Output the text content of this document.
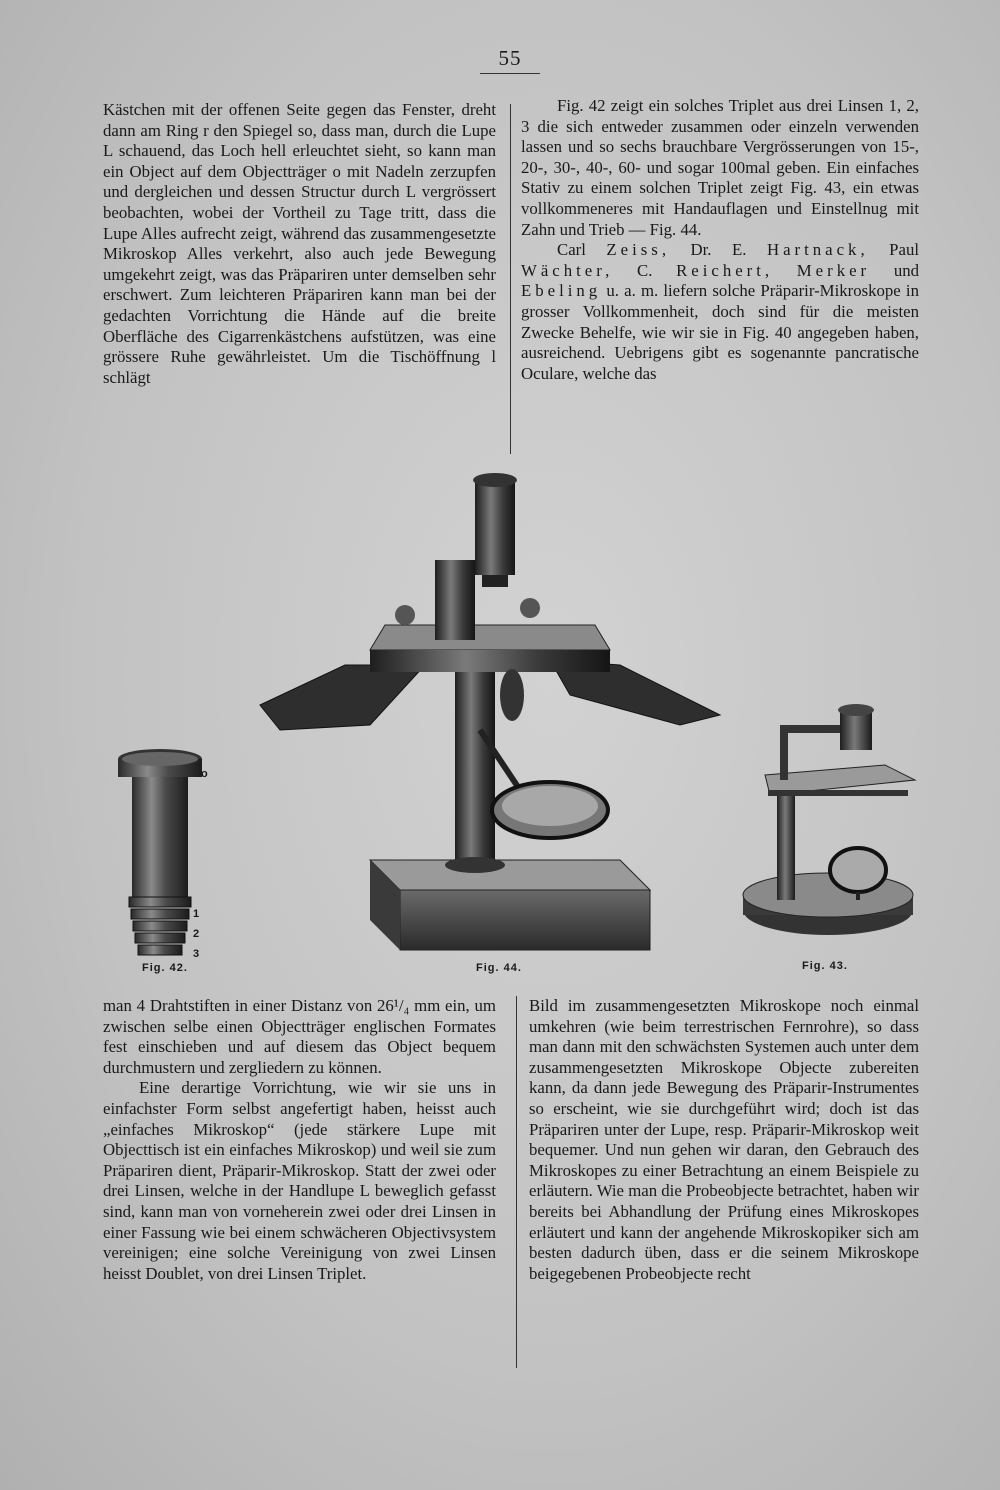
55

Kästchen mit der offenen Seite gegen das Fenster, dreht dann am Ring r den Spiegel so, dass man, durch die Lupe L schauend, das Loch hell erleuchtet sieht, so kann man ein Object auf dem Objectträger o mit Nadeln zerzupfen und dergleichen und dessen Structur durch L vergrössert beobachten, wobei der Vortheil zu Tage tritt, dass die Lupe Alles aufrecht zeigt, während das zusammengesetzte Mikroskop Alles verkehrt, also auch jede Bewegung umgekehrt zeigt, was das Präpariren unter demselben sehr erschwert. Zum leichteren Präpariren kann man bei der gedachten Vorrichtung die Hände auf die breite Oberfläche des Cigarrenkästchens aufstützen, was eine grössere Ruhe gewährleistet. Um die Tischöffnung l schlägt

Fig. 42 zeigt ein solches Triplet aus drei Linsen 1, 2, 3 die sich entweder zusammen oder einzeln verwenden lassen und so sechs brauchbare Vergrösserungen von 15-, 20-, 30-, 40-, 60- und sogar 100mal geben. Ein einfaches Stativ zu einem solchen Triplet zeigt Fig. 43, ein etwas vollkommeneres mit Handauflagen und Einstellnug mit Zahn und Trieb — Fig. 44.

Carl Zeiss, Dr. E. Hartnack, Paul Wächter, C. Reichert, Merker und Ebeling u. a. m. liefern solche Präparir-Mikroskope in grosser Vollkommenheit, doch sind für die meisten Zwecke Behelfe, wie wir sie in Fig. 40 angegeben haben, ausreichend. Uebrigens gibt es sogenannte pancratische Oculare, welche das

o
1
2
3
Fig. 42.	Fig. 44.	Fig. 43.

man 4 Drahtstiften in einer Distanz von 26¹/₄ mm ein, um zwischen selbe einen Objectträger englischen Formates fest einschieben und auf diesem das Object bequem durchmustern und zergliedern zu können.

Eine derartige Vorrichtung, wie wir sie uns in einfachster Form selbst angefertigt haben, heisst auch „einfaches Mikroskop“ (jede stärkere Lupe mit Objecttisch ist ein einfaches Mikroskop) und weil sie zum Präpariren dient, Präparir-Mikroskop. Statt der zwei oder drei Linsen, welche in der Handlupe L beweglich gefasst sind, kann man von vorneherein zwei oder drei Linsen in einer Fassung wie bei einem schwächeren Objectivsystem vereinigen; eine solche Vereinigung von zwei Linsen heisst Doublet, von drei Linsen Triplet.

Bild im zusammengesetzten Mikroskope noch einmal umkehren (wie beim terrestrischen Fernrohre), so dass man dann mit den schwächsten Systemen auch unter dem zusammengesetzten Mikroskope Objecte zubereiten kann, da dann jede Bewegung des Präparir-Instrumentes so erscheint, wie sie durchgeführt wird; doch ist das Präpariren unter der Lupe, resp. Präparir-Mikroskop weit bequemer. Und nun gehen wir daran, den Gebrauch des Mikroskopes zu einer Betrachtung an einem Beispiele zu erläutern. Wie man die Probeobjecte betrachtet, haben wir bereits bei Abhandlung der Prüfung eines Mikroskopes erläutert und kann der angehende Mikroskopiker sich am besten dadurch üben, dass er die seinem Mikroskope beigegebenen Probeobjecte recht
